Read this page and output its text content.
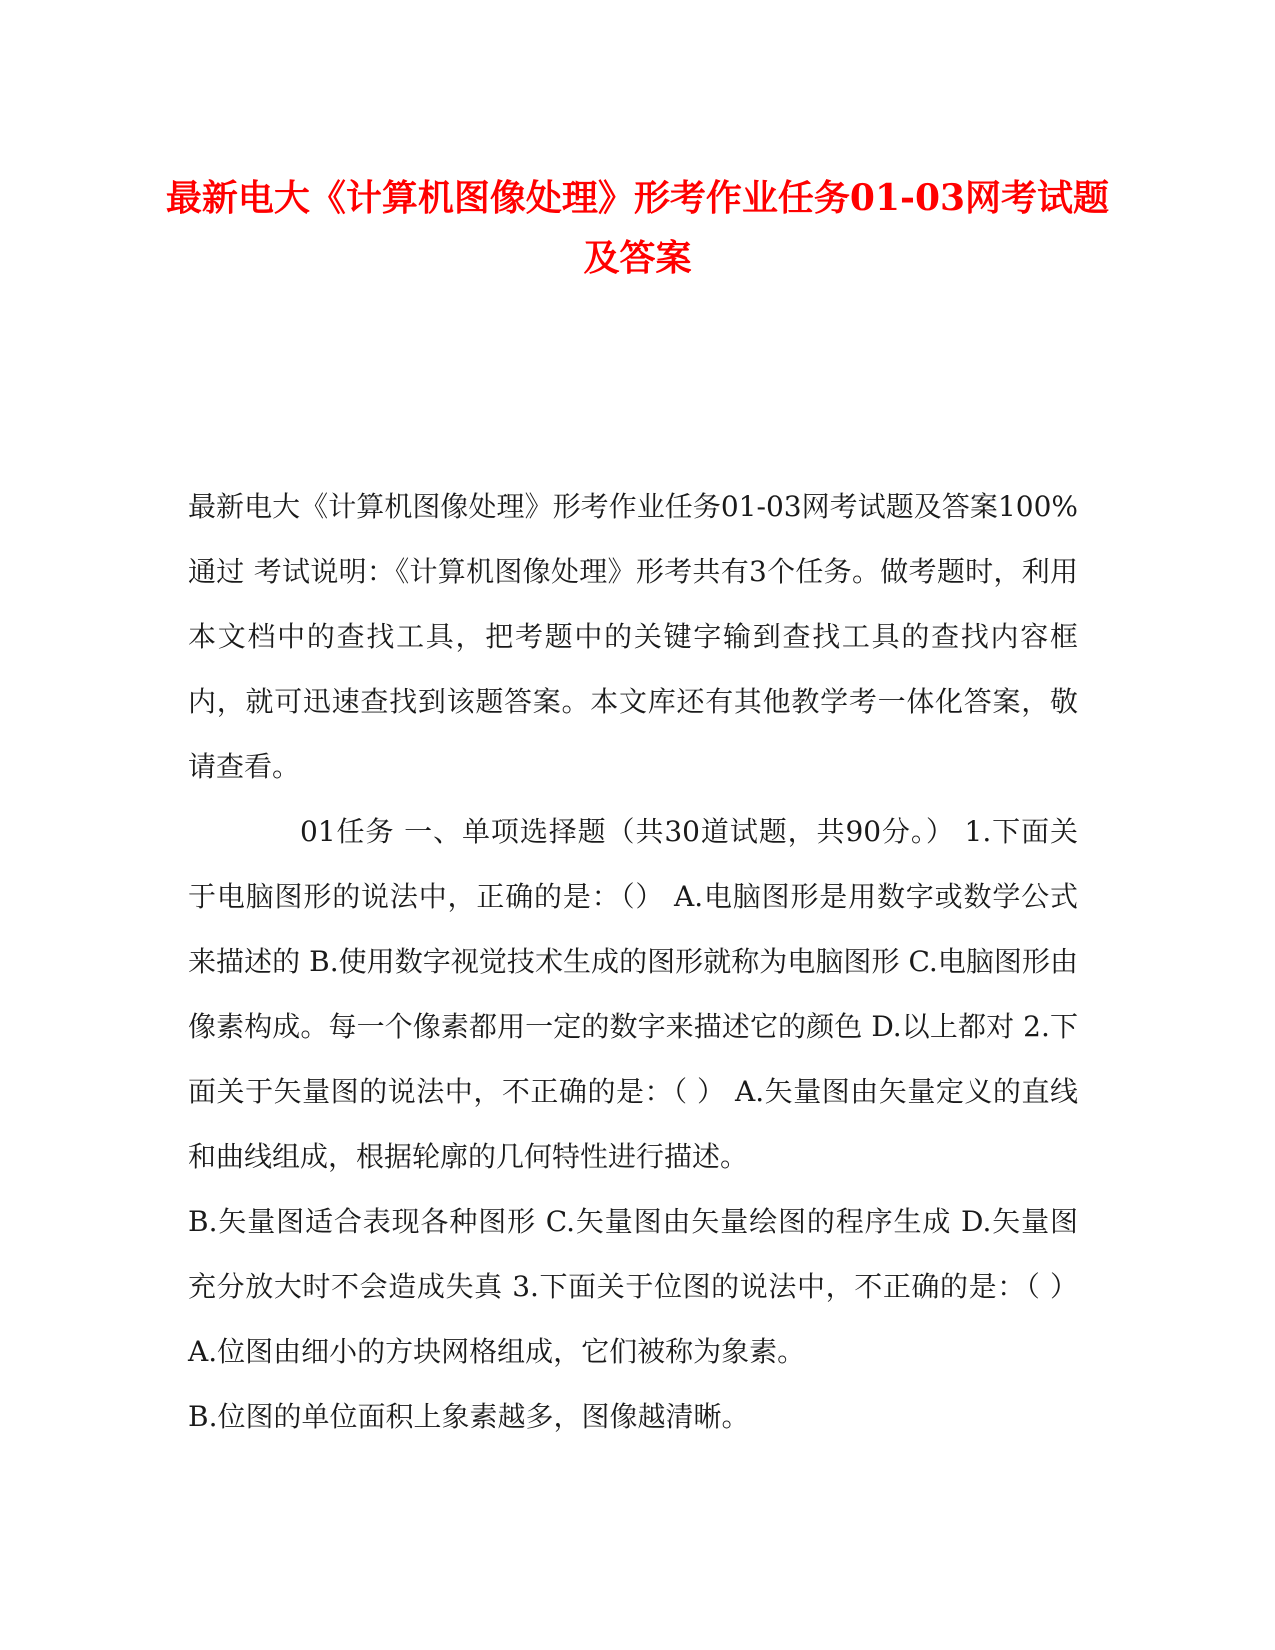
最新电大《计算机图像处理》形考作业任务01-03网考试题及答案

最新电大《计算机图像处理》形考作业任务01-03网考试题及答案100%通过 考试说明：《计算机图像处理》形考共有3个任务。做考题时，利用本文档中的查找工具，把考题中的关键字输到查找工具的查找内容框内，就可迅速查找到该题答案。本文库还有其他教学考一体化答案，敬请查看。

01任务 一、单项选择题（共30道试题，共90分。） 1.下面关于电脑图形的说法中，正确的是：（） A.电脑图形是用数字或数学公式来描述的 B.使用数字视觉技术生成的图形就称为电脑图形 C.电脑图形由像素构成。每一个像素都用一定的数字来描述它的颜色 D.以上都对 2.下面关于矢量图的说法中，不正确的是：（ ） A.矢量图由矢量定义的直线和曲线组成，根据轮廓的几何特性进行描述。

B.矢量图适合表现各种图形 C.矢量图由矢量绘图的程序生成 D.矢量图充分放大时不会造成失真 3.下面关于位图的说法中，不正确的是：（ ） A.位图由细小的方块网格组成，它们被称为象素。

B.位图的单位面积上象素越多，图像越清晰。
